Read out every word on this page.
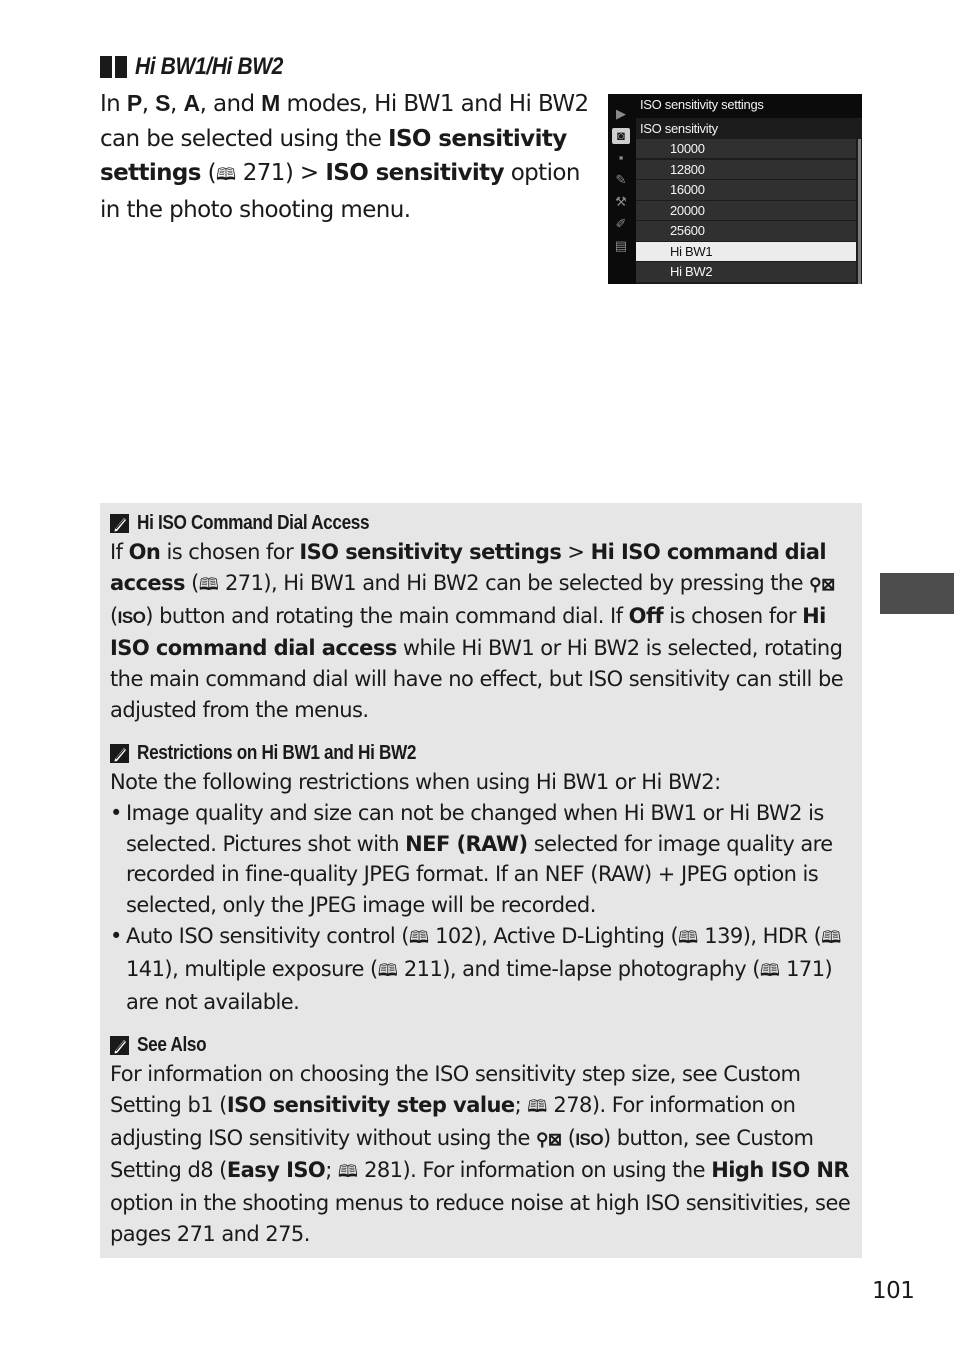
Hi BW1/Hi BW2
In P, S, A, and M modes, Hi BW1 and Hi BW2 can be selected using the ISO sensitivity settings (🕮 271) > ISO sensitivity option in the photo shooting menu.
▶
◙
▪
✎
⚒
✐
▤
ISO sensitivity settings
ISO sensitivity
10000
12800
16000
20000
25600
Hi BW1
Hi BW2
Hi ISO Command Dial Access

If On is chosen for ISO sensitivity settings > Hi ISO command dial access (🕮 271), Hi BW1 and Hi BW2 can be selected by pressing the ⚲⊠ (ISO) button and rotating the main command dial. If Off is chosen for Hi ISO command dial access while Hi BW1 or Hi BW2 is selected, rotating the main command dial will have no effect, but ISO sensitivity can still be adjusted from the menus.

Restrictions on Hi BW1 and Hi BW2

Note the following restrictions when using Hi BW1 or Hi BW2:

• Image quality and size can not be changed when Hi BW1 or Hi BW2 is selected. Pictures shot with NEF (RAW) selected for image quality are recorded in fine-quality JPEG format. If an NEF (RAW) + JPEG option is selected, only the JPEG image will be recorded.
• Auto ISO sensitivity control (🕮 102), Active D-Lighting (🕮 139), HDR (🕮 141), multiple exposure (🕮 211), and time-lapse photography (🕮 171) are not available.
See Also

For information on choosing the ISO sensitivity step size, see Custom Setting b1 (ISO sensitivity step value; 🕮 278). For information on adjusting ISO sensitivity without using the ⚲⊠ (ISO) button, see Custom Setting d8 (Easy ISO; 🕮 281). For information on using the High ISO NR option in the shooting menus to reduce noise at high ISO sensitivities, see pages 271 and 275.

101
